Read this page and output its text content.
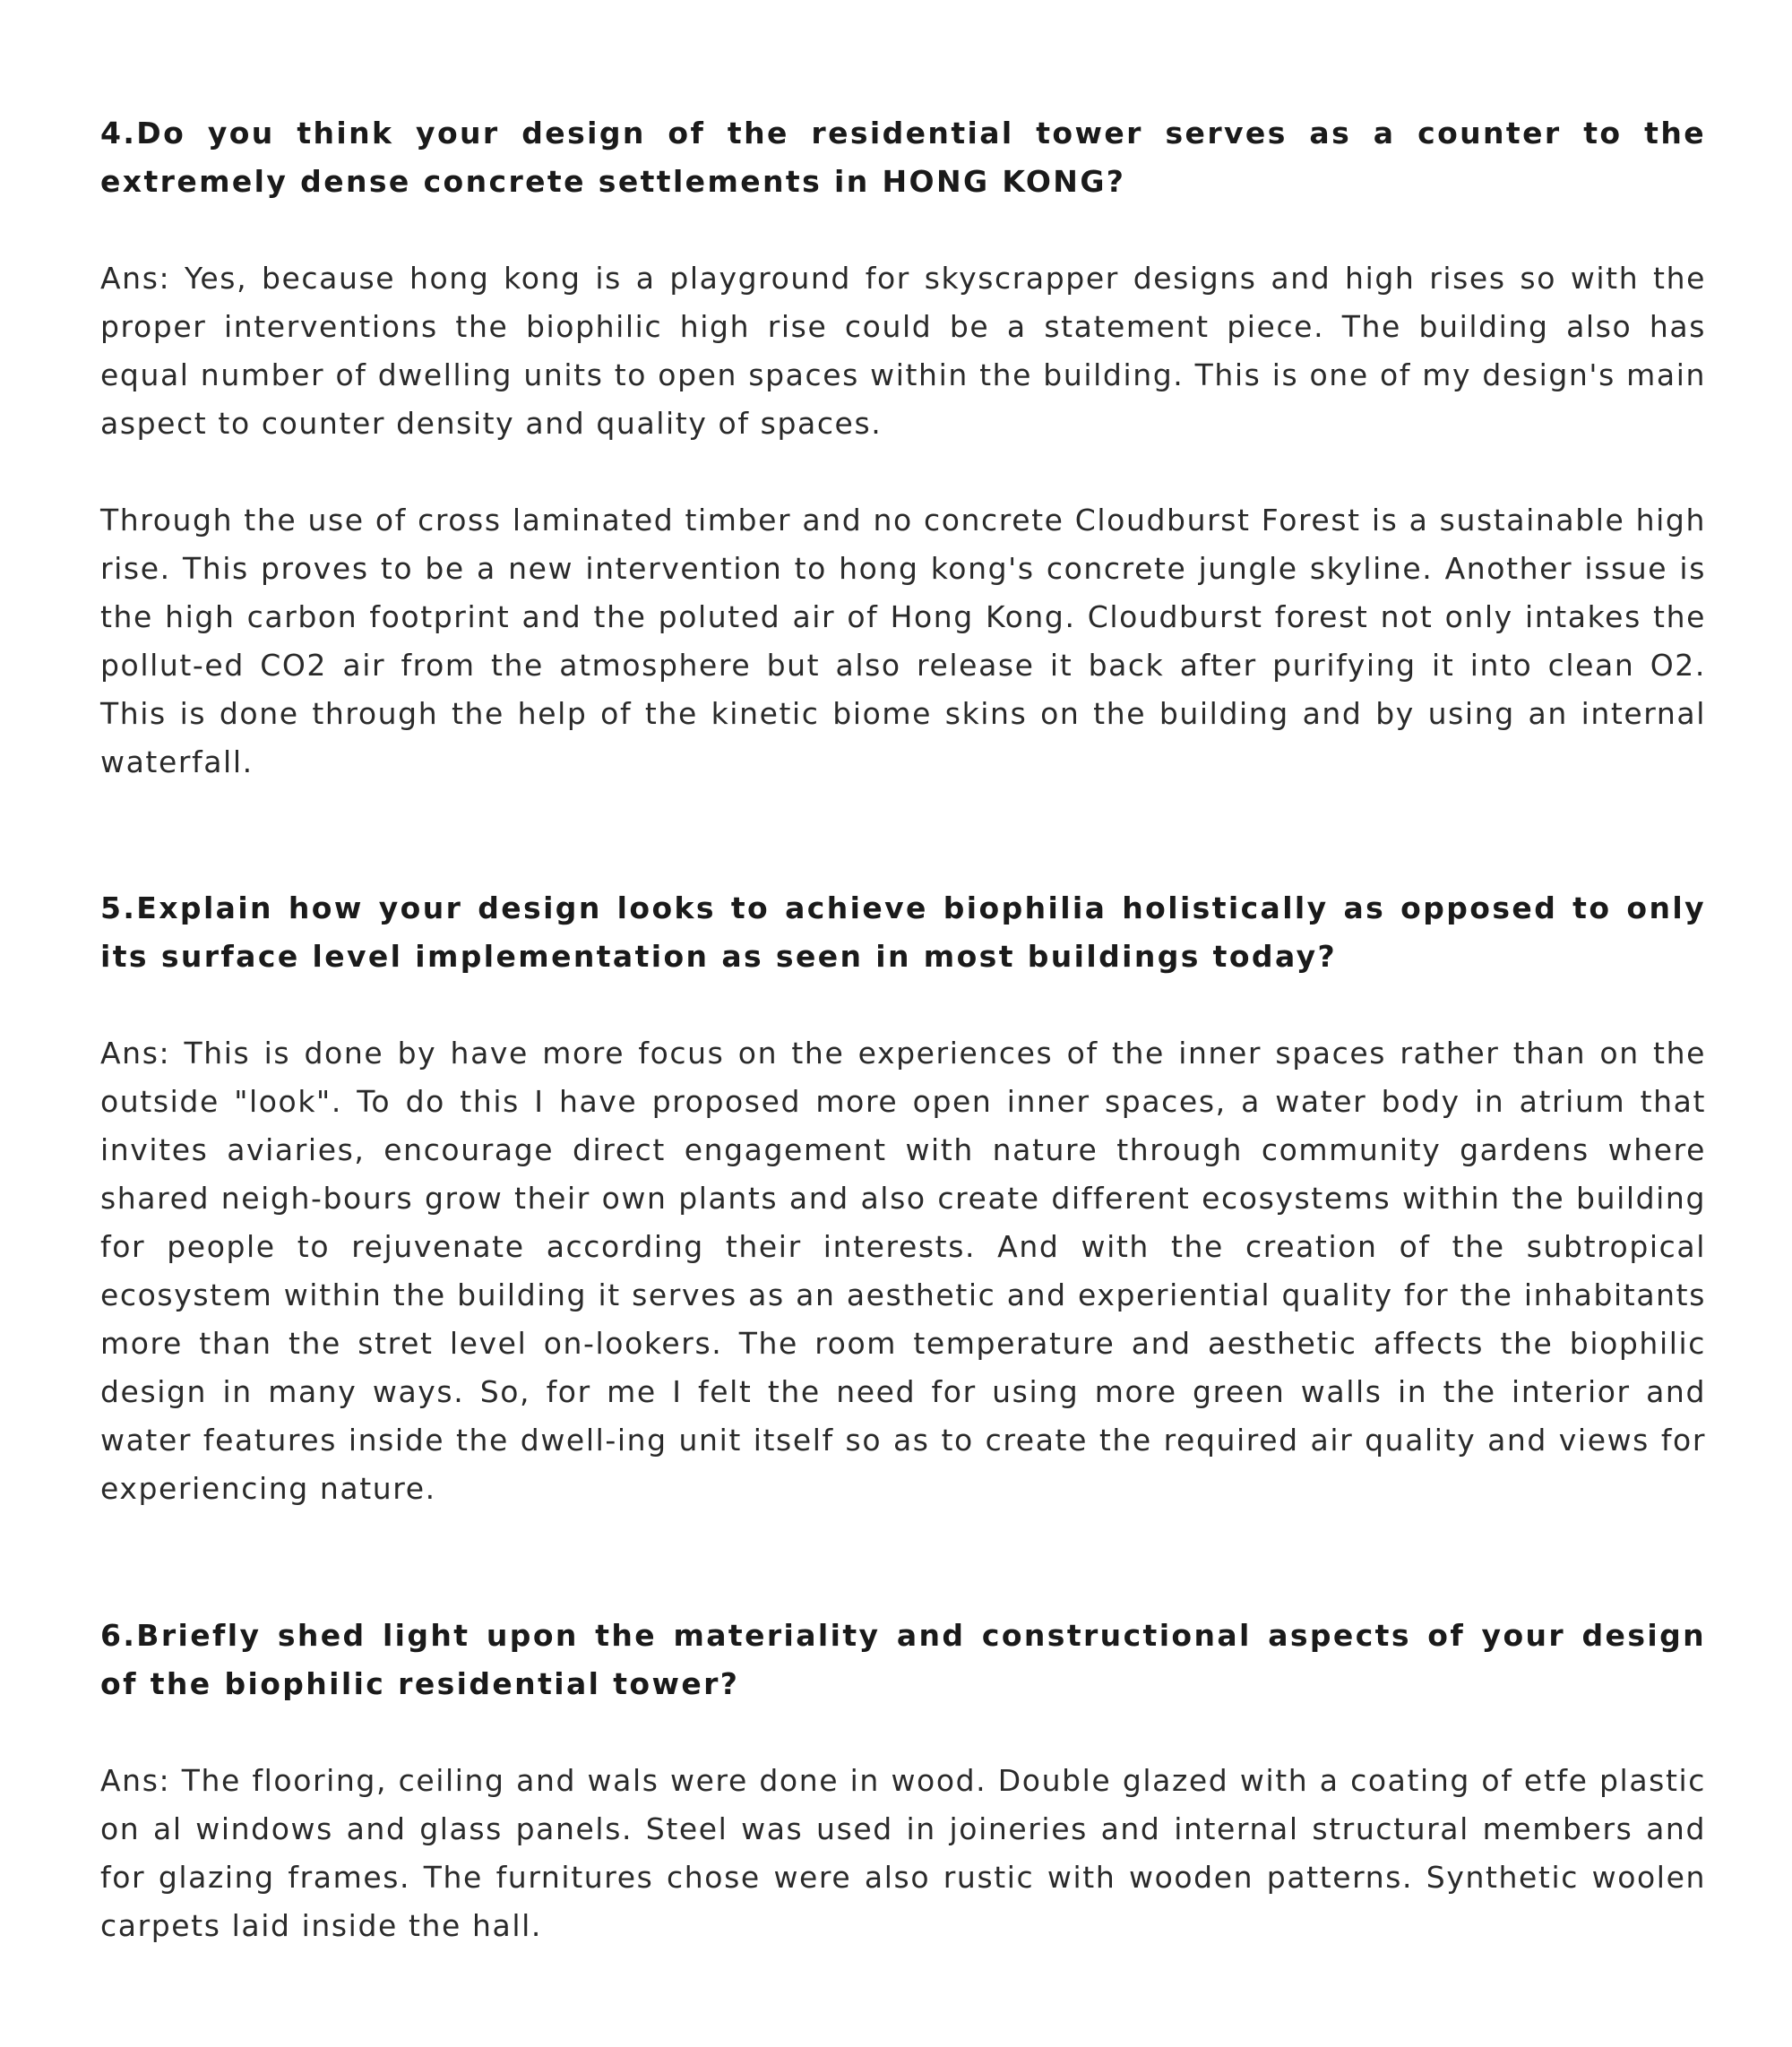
4.Do you think your design of the residential tower serves as a counter to the extremely dense concrete settlements in HONG KONG?

Ans: Yes, because hong kong is a playground for skyscrapper designs and high rises so with the proper interventions the biophilic high rise could be a statement piece. The building also has equal number of dwelling units to open spaces within the building. This is one of my design's main aspect to counter density and quality of spaces.

Through the use of cross laminated timber and no concrete Cloudburst Forest is a sustainable high rise. This proves to be a new intervention to hong kong's concrete jungle skyline. Another issue is the high carbon footprint and the poluted air of Hong Kong. Cloudburst forest not only intakes the pollut-ed CO2 air from the atmosphere but also release it back after purifying it into clean O2. This is done through the help of the kinetic biome skins on the building and by using an internal waterfall.

5.Explain how your design looks to achieve biophilia holistically as opposed to only its surface level implementation as seen in most buildings today?

Ans: This is done by have more focus on the experiences of the inner spaces rather than on the outside "look". To do this I have proposed more open inner spaces, a water body in atrium that invites aviaries, encourage direct engagement with nature through community gardens where shared neigh-bours grow their own plants and also create different ecosystems within the building for people to rejuvenate according their interests. And with the creation of the subtropical ecosystem within the building it serves as an aesthetic and experiential quality for the inhabitants more than the stret level on-lookers. The room temperature and aesthetic affects the biophilic design in many ways. So, for me I felt the need for using more green walls in the interior and water features inside the dwell-ing unit itself so as to create the required air quality and views for experiencing nature.

6.Briefly shed light upon the materiality and constructional aspects of your design of the biophilic residential tower?

Ans: The flooring, ceiling and wals were done in wood. Double glazed with a coating of etfe plastic on al windows and glass panels. Steel was used in joineries and internal structural members and for glazing frames. The furnitures chose were also rustic with wooden patterns. Synthetic woolen carpets laid inside the hall.
